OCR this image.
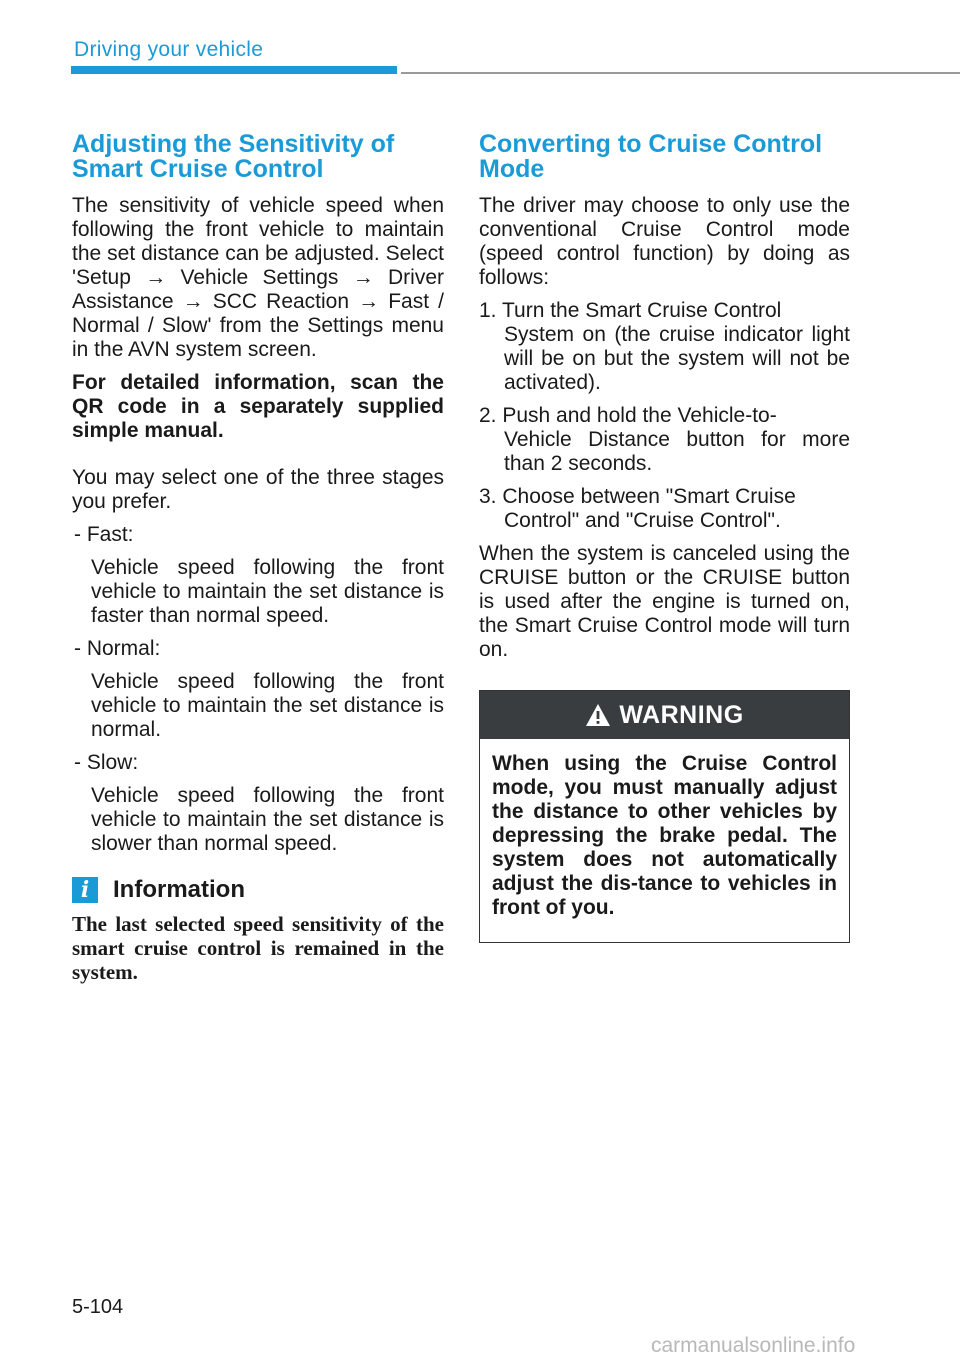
Driving your vehicle
Adjusting the Sensitivity of Smart Cruise Control

The sensitivity of vehicle speed when following the front vehicle to maintain the set distance can be adjusted. Select 'Setup → Vehicle Settings → Driver Assistance → SCC Reaction → Fast / Normal / Slow' from the Settings menu in the AVN system screen.

For detailed information, scan the QR code in a separately supplied simple manual.

You may select one of the three stages you prefer.

- Fast:
Vehicle speed following the front vehicle to maintain the set distance is faster than normal speed.
- Normal:
Vehicle speed following the front vehicle to maintain the set distance is normal.
- Slow:
Vehicle speed following the front vehicle to maintain the set distance is slower than normal speed.
i Information

The last selected speed sensitivity of the smart cruise control is remained in the system.

Converting to Cruise Control Mode

The driver may choose to only use the conventional Cruise Control mode (speed control function) by doing as follows:

1. Turn the Smart Cruise Control
System on (the cruise indicator light will be on but the system will not be activated).
2. Push and hold the Vehicle-to-
Vehicle Distance button for more than 2 seconds.
3. Choose between "Smart Cruise
Control" and "Cruise Control".

When the system is canceled using the CRUISE button or the CRUISE button is used after the engine is turned on, the Smart Cruise Control mode will turn on.

WARNING
When using the Cruise Control mode, you must manually adjust the distance to other vehicles by depressing the brake pedal. The system does not automatically adjust the dis-tance to vehicles in front of you.
5-104
carmanualsonline.info
